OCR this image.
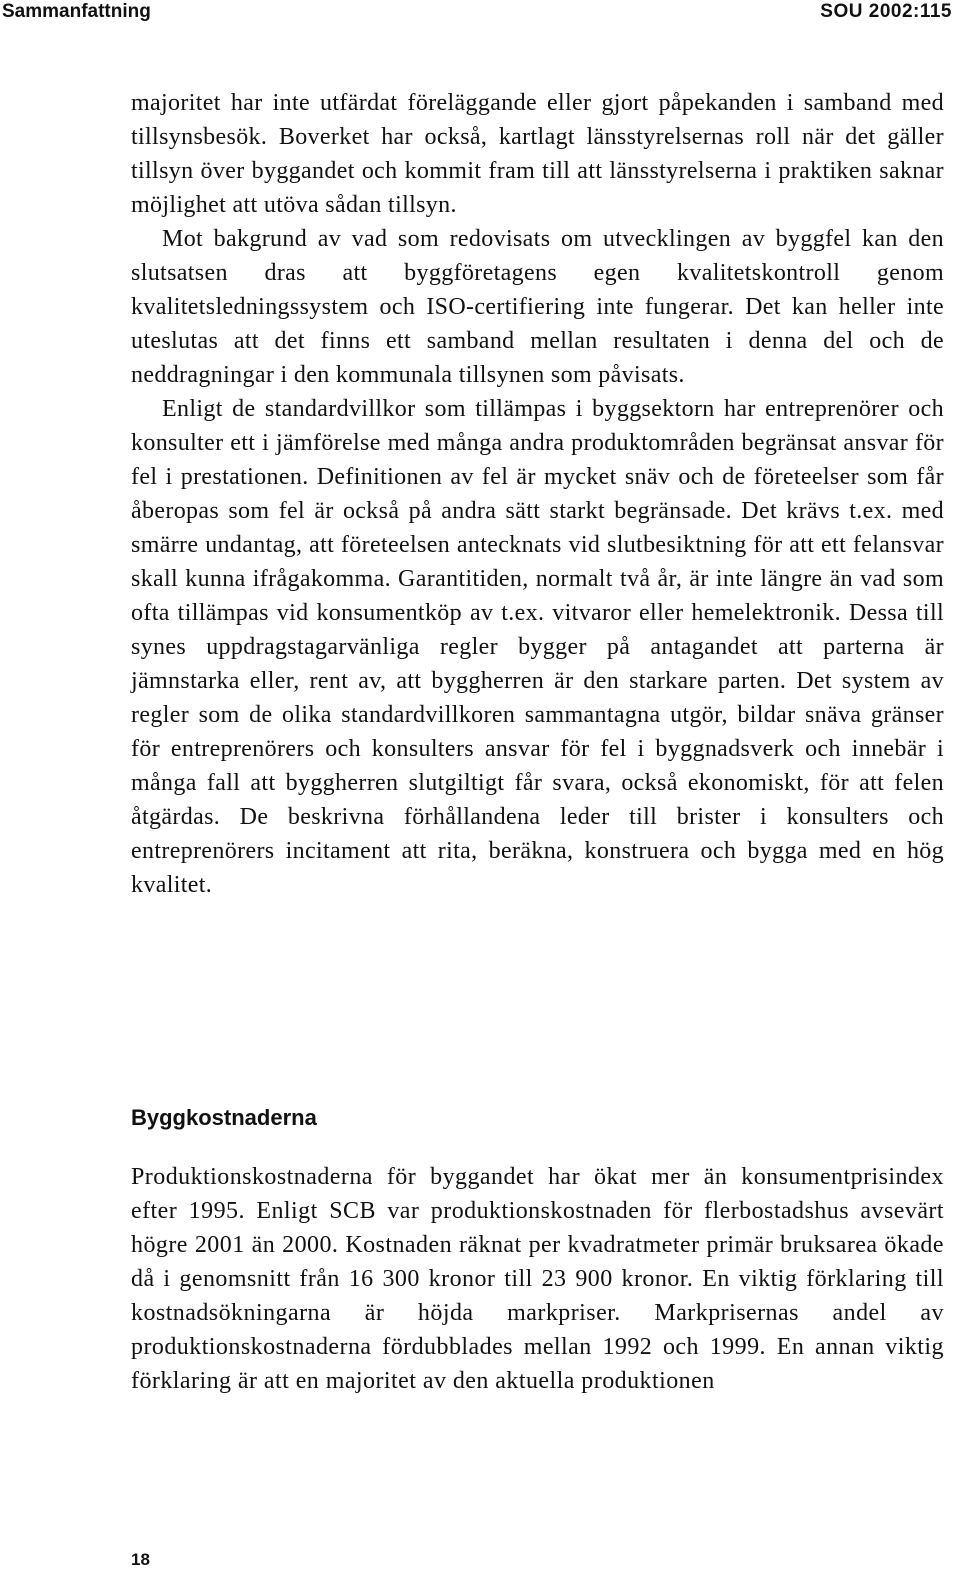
Sammanfattning	SOU 2002:115

majoritet har inte utfärdat föreläggande eller gjort påpekanden i samband med tillsynsbesök. Boverket har också, kartlagt länsstyrelsernas roll när det gäller tillsyn över byggandet och kommit fram till att länsstyrelserna i praktiken saknar möjlighet att utöva sådan tillsyn.

Mot bakgrund av vad som redovisats om utvecklingen av byggfel kan den slutsatsen dras att byggföretagens egen kvalitetskontroll genom kvalitetsledningssystem och ISO-certifiering inte fungerar. Det kan heller inte uteslutas att det finns ett samband mellan resultaten i denna del och de neddragningar i den kommunala tillsynen som påvisats.

Enligt de standardvillkor som tillämpas i byggsektorn har entreprenörer och konsulter ett i jämförelse med många andra produktområden begränsat ansvar för fel i prestationen. Definitionen av fel är mycket snäv och de företeelser som får åberopas som fel är också på andra sätt starkt begränsade. Det krävs t.ex. med smärre undantag, att företeelsen antecknats vid slutbesiktning för att ett felansvar skall kunna ifrågakomma. Garantitiden, normalt två år, är inte längre än vad som ofta tillämpas vid konsumentköp av t.ex. vitvaror eller hemelektronik. Dessa till synes uppdragstagarvänliga regler bygger på antagandet att parterna är jämnstarka eller, rent av, att byggherren är den starkare parten. Det system av regler som de olika standardvillkoren sammantagna utgör, bildar snäva gränser för entreprenörers och konsulters ansvar för fel i byggnadsverk och innebär i många fall att byggherren slutgiltigt får svara, också ekonomiskt, för att felen åtgärdas. De beskrivna förhållandena leder till brister i konsulters och entreprenörers incitament att rita, beräkna, konstruera och bygga med en hög kvalitet.

Byggkostnaderna

Produktionskostnaderna för byggandet har ökat mer än konsumentprisindex efter 1995. Enligt SCB var produktionskostnaden för flerbostadshus avsevärt högre 2001 än 2000. Kostnaden räknat per kvadratmeter primär bruksarea ökade då i genomsnitt från 16 300 kronor till 23 900 kronor. En viktig förklaring till kostnadsökningarna är höjda markpriser. Markprisernas andel av produktionskostnaderna fördubblades mellan 1992 och 1999. En annan viktig förklaring är att en majoritet av den aktuella produktionen

18
